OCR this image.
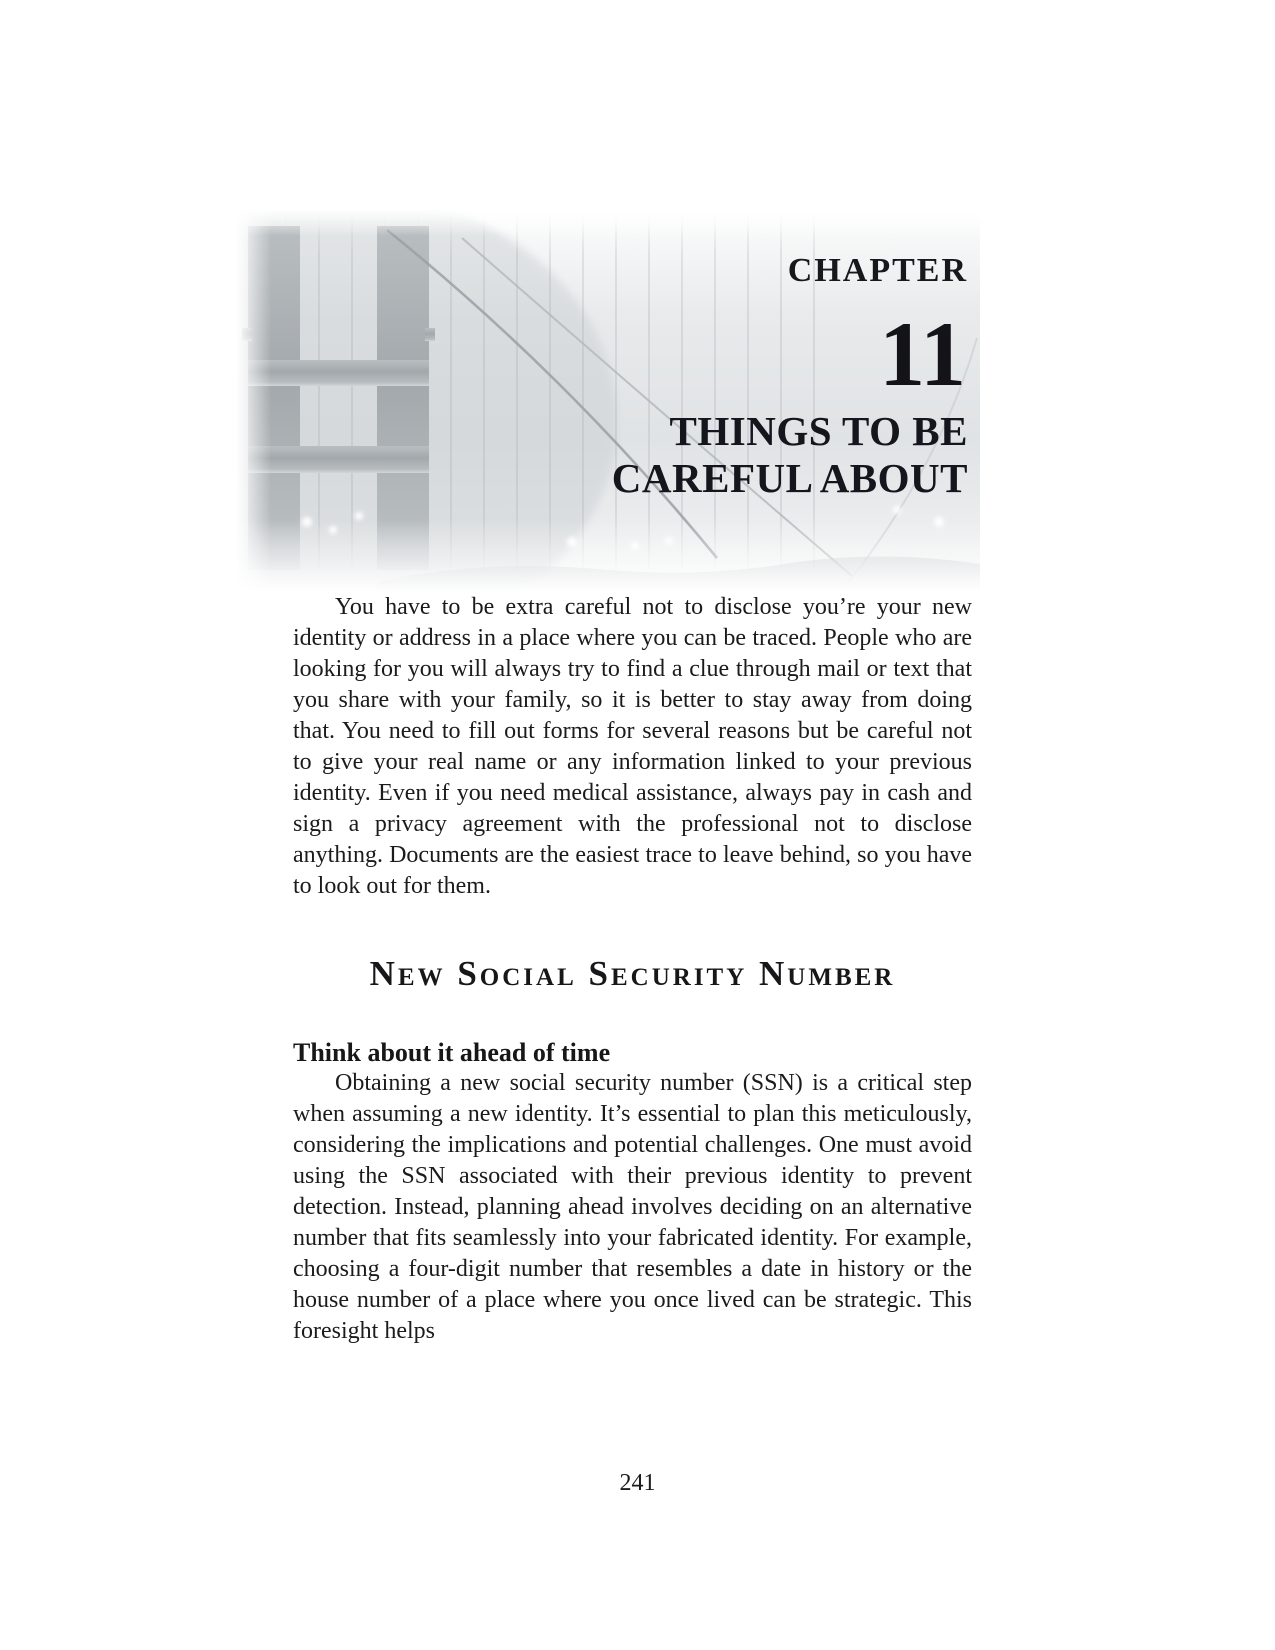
CHAPTER
11
THINGS TO BE
CAREFUL ABOUT

You have to be extra careful not to disclose you’re your new identity or address in a place where you can be traced. People who are looking for you will always try to find a clue through mail or text that you share with your family, so it is better to stay away from doing that. You need to fill out forms for several reasons but be careful not to give your real name or any information linked to your previous identity. Even if you need medical assistance, always pay in cash and sign a privacy agreement with the professional not to disclose anything. Documents are the easiest trace to leave behind, so you have to look out for them.

New Social Security Number
Think about it ahead of time

Obtaining a new social security number (SSN) is a critical step when assuming a new identity. It’s essential to plan this meticulously, considering the implications and potential challenges. One must avoid using the SSN associated with their previous identity to prevent detection. Instead, planning ahead involves deciding on an alternative number that fits seamlessly into your fabricated identity. For example, choosing a four-digit number that resembles a date in history or the house number of a place where you once lived can be strategic. This foresight helps

241
